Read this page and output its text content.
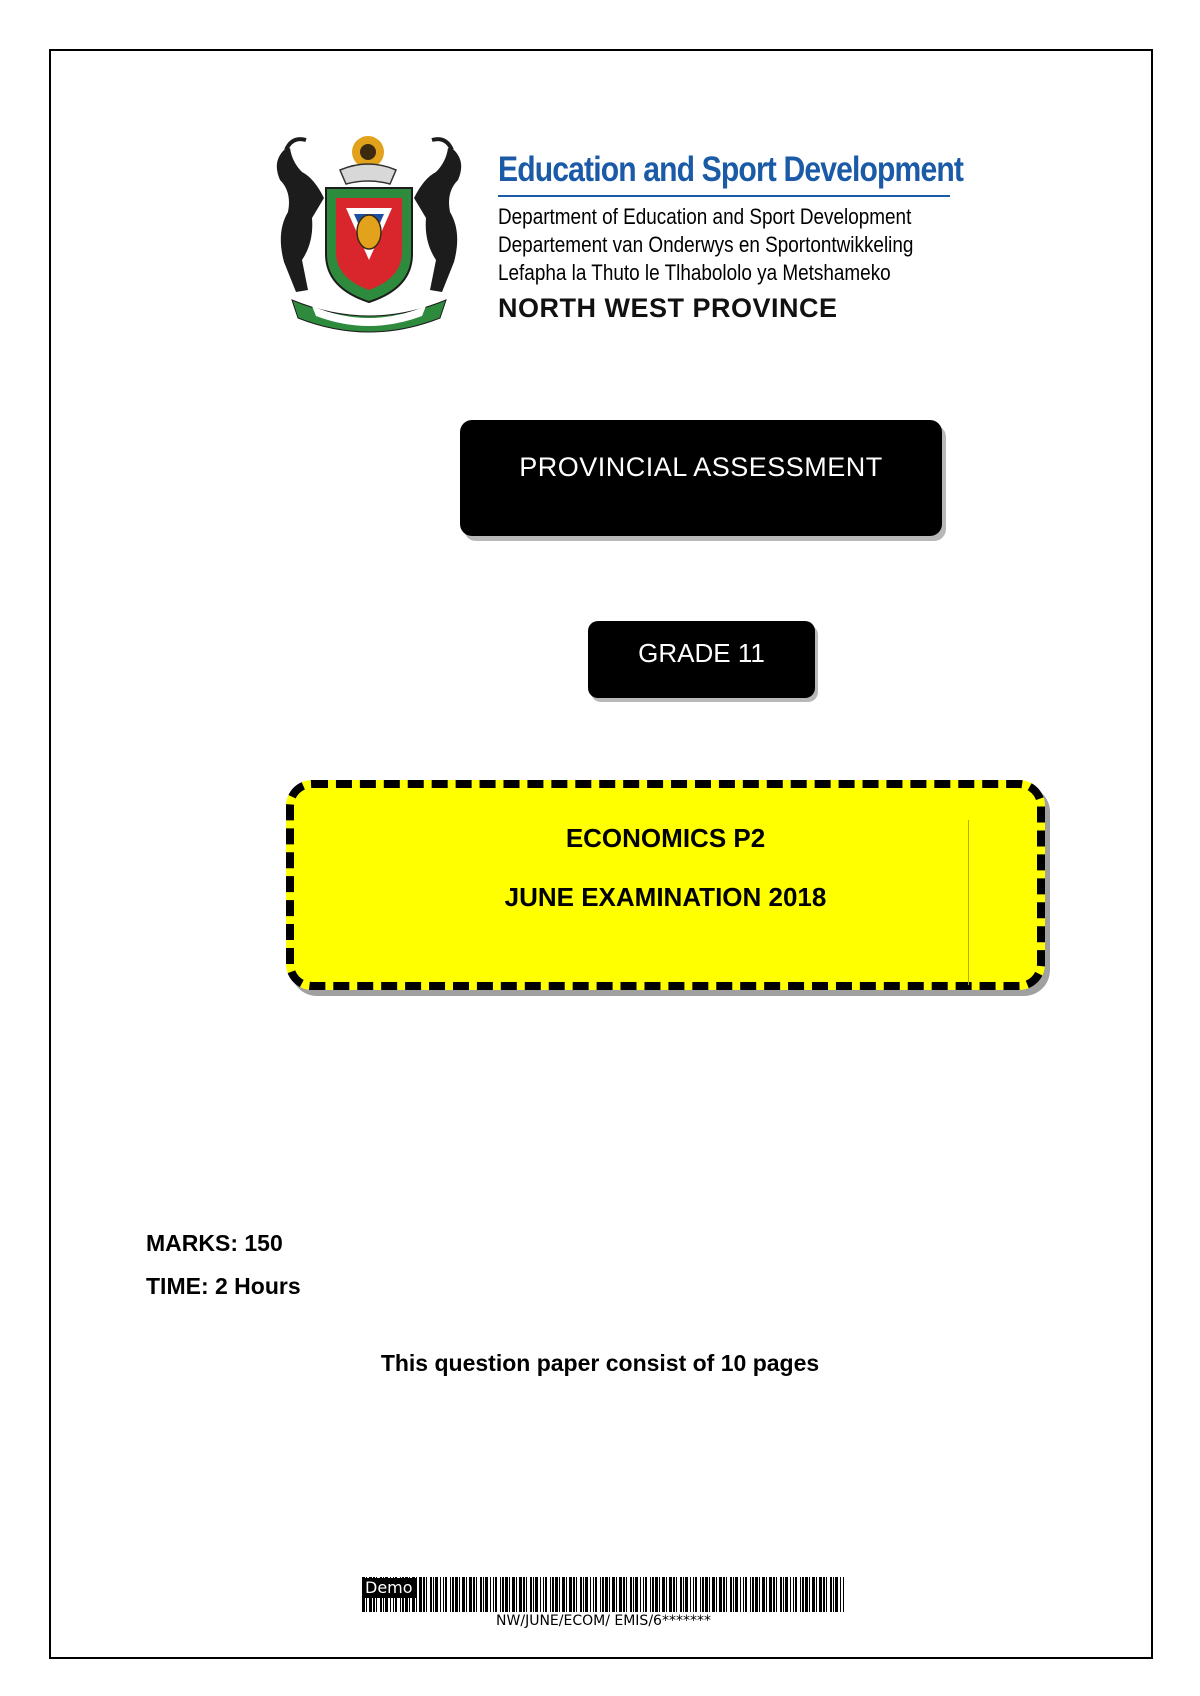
Education and Sport Development
Department of Education and Sport Development
Departement van Onderwys en Sportontwikkeling
Lefapha la Thuto le Tlhabololo ya Metshameko
NORTH WEST PROVINCE
PROVINCIAL ASSESSMENT
GRADE 11
ECONOMICS P2
JUNE EXAMINATION 2018
MARKS: 150
TIME: 2 Hours
This question paper consist of 10 pages
Demo
NW/JUNE/ECOM/ EMIS/6*******
